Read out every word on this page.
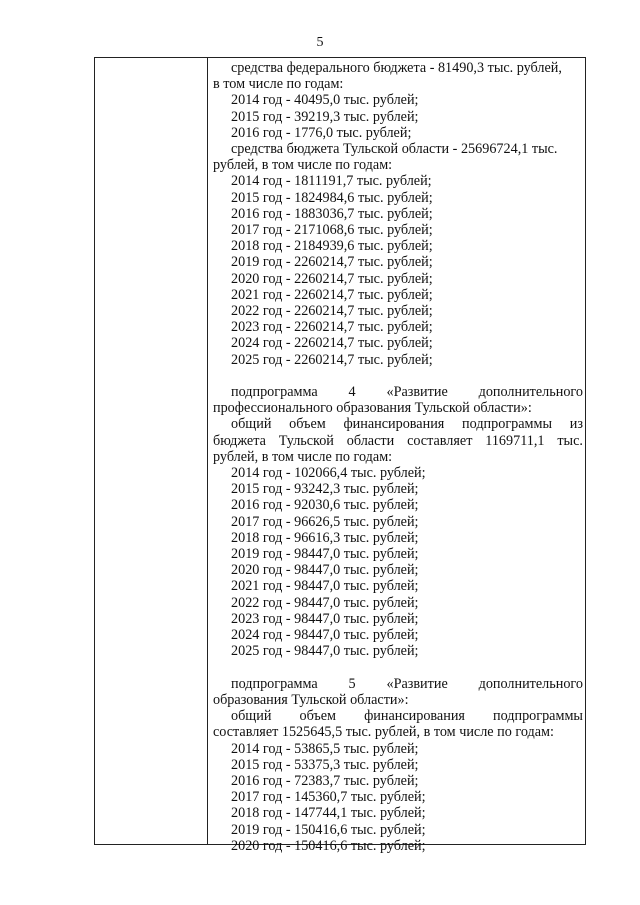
5
средства федерального бюджета - 81490,3 тыс. рублей,
в том числе по годам:
2014 год - 40495,0 тыс. рублей;
2015 год - 39219,3 тыс. рублей;
2016 год - 1776,0 тыс. рублей;
средства бюджета Тульской области - 25696724,1 тыс.
рублей, в том числе по годам:
2014 год - 1811191,7 тыс. рублей;
2015 год - 1824984,6 тыс. рублей;
2016 год - 1883036,7 тыс. рублей;
2017 год - 2171068,6 тыс. рублей;
2018 год - 2184939,6 тыс. рублей;
2019 год - 2260214,7 тыс. рублей;
2020 год - 2260214,7 тыс. рублей;
2021 год - 2260214,7 тыс. рублей;
2022 год - 2260214,7 тыс. рублей;
2023 год - 2260214,7 тыс. рублей;
2024 год - 2260214,7 тыс. рублей;
2025 год - 2260214,7 тыс. рублей;
подпрограмма 4 «Развитие дополнительного
профессионального образования Тульской области»:
общий объем финансирования подпрограммы из
бюджета Тульской области составляет 1169711,1 тыс.
рублей, в том числе по годам:
2014 год - 102066,4 тыс. рублей;
2015 год - 93242,3 тыс. рублей;
2016 год - 92030,6 тыс. рублей;
2017 год - 96626,5 тыс. рублей;
2018 год - 96616,3 тыс. рублей;
2019 год - 98447,0 тыс. рублей;
2020 год - 98447,0 тыс. рублей;
2021 год - 98447,0 тыс. рублей;
2022 год - 98447,0 тыс. рублей;
2023 год - 98447,0 тыс. рублей;
2024 год - 98447,0 тыс. рублей;
2025 год - 98447,0 тыс. рублей;
подпрограмма 5 «Развитие дополнительного
образования Тульской области»:
общий объем финансирования подпрограммы
составляет 1525645,5 тыс. рублей, в том числе по годам:
2014 год - 53865,5 тыс. рублей;
2015 год - 53375,3 тыс. рублей;
2016 год - 72383,7 тыс. рублей;
2017 год - 145360,7 тыс. рублей;
2018 год - 147744,1 тыс. рублей;
2019 год - 150416,6 тыс. рублей;
2020 год - 150416,6 тыс. рублей;
